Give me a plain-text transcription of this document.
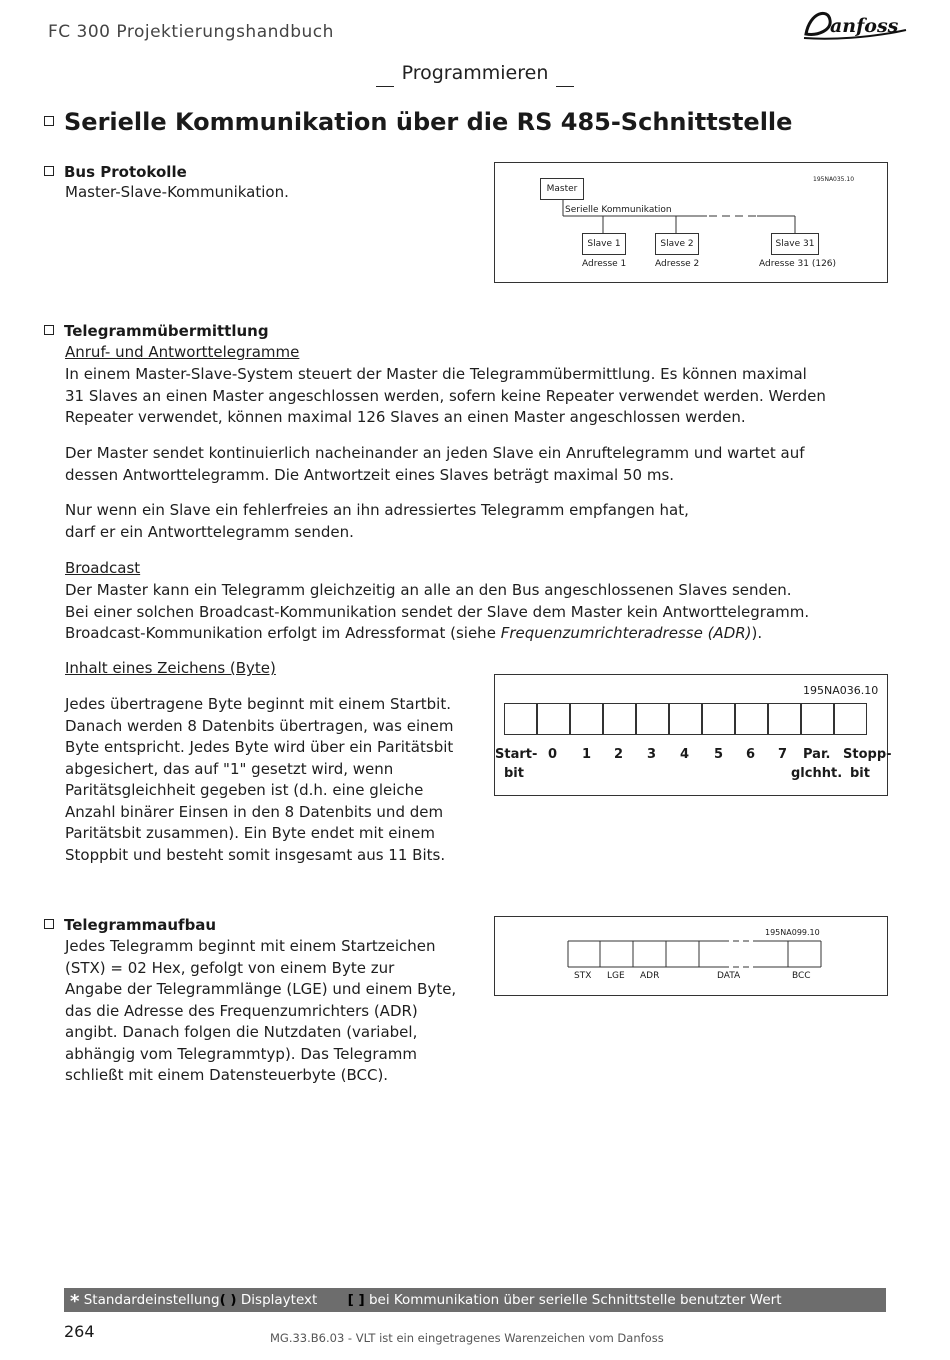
FC 300 Projektierungshandbuch	anfoss
Programmieren
Serielle Kommunikation über die RS 485-Schnittstelle
Bus Protokolle
Master-Slave-Kommunikation.
195NA035.10
Master
Serielle Kommunikation
Slave 1	Slave 2	Slave 31
Adresse 1	Adresse 2	Adresse 31 (126)
Telegrammübermittlung
Anruf- und Antworttelegramme
In einem Master-Slave-System steuert der Master die Telegrammübermittlung. Es können maximal
31 Slaves an einen Master angeschlossen werden, sofern keine Repeater verwendet werden. Werden
Repeater verwendet, können maximal 126 Slaves an einen Master angeschlossen werden.
Der Master sendet kontinuierlich nacheinander an jeden Slave ein Anruftelegramm und wartet auf
dessen Antworttelegramm. Die Antwortzeit eines Slaves beträgt maximal 50 ms.
Nur wenn ein Slave ein fehlerfreies an ihn adressiertes Telegramm empfangen hat,
darf er ein Antworttelegramm senden.
Broadcast
Der Master kann ein Telegramm gleichzeitig an alle an den Bus angeschlossenen Slaves senden.
Bei einer solchen Broadcast-Kommunikation sendet der Slave dem Master kein Antworttelegramm.
Broadcast-Kommunikation erfolgt im Adressformat (siehe Frequenzumrichteradresse (ADR)).
Inhalt eines Zeichens (Byte)
Jedes übertragene Byte beginnt mit einem Startbit.
Danach werden 8 Datenbits übertragen, was einem
Byte entspricht. Jedes Byte wird über ein Paritätsbit
abgesichert, das auf "1" gesetzt wird, wenn
Paritätsgleichheit gegeben ist (d.h. eine gleiche
Anzahl binärer Einsen in den 8 Datenbits und dem
Paritätsbit zusammen). Ein Byte endet mit einem
Stoppbit und besteht somit insgesamt aus 11 Bits.
195NA036.10
Start- 0 1 2 3 4 5 6 7 Par. Stopp-
bit	glchht. bit
Telegrammaufbau
Jedes Telegramm beginnt mit einem Startzeichen
(STX) = 02 Hex, gefolgt von einem Byte zur
Angabe der Telegrammlänge (LGE) und einem Byte,
das die Adresse des Frequenzumrichters (ADR)
angibt. Danach folgen die Nutzdaten (variabel,
abhängig vom Telegrammtyp). Das Telegramm
schließt mit einem Datensteuerbyte (BCC).
195NA099.10
STX LGE ADR	DATA	BCC
* Standardeinstellung( ) Displaytext [ ] bei Kommunikation über serielle Schnittstelle benutzter Wert
264	MG.33.B6.03 - VLT ist ein eingetragenes Warenzeichen vom Danfoss
